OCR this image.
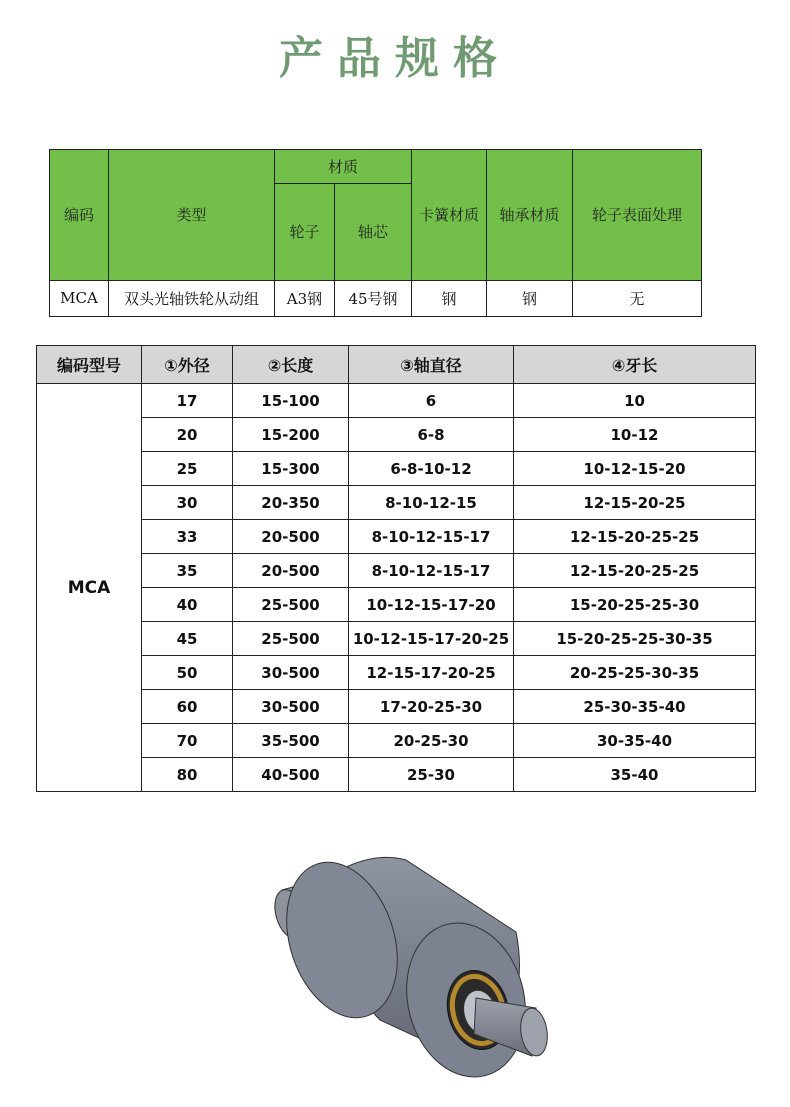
产品规格
编码	类型	材质		卡簧材质	轴承材质	轮子表面处理
		轮子	轴芯			
MCA	双头光轴铁轮从动组	A3钢	45号钢	钢	钢	无
编码型号	①外径	②长度	③轴直径	④牙长
MCA	17	15-100	6	10
	20	15-200	6-8	10-12
	25	15-300	6-8-10-12	10-12-15-20
	30	20-350	8-10-12-15	12-15-20-25
	33	20-500	8-10-12-15-17	12-15-20-25-25
	35	20-500	8-10-12-15-17	12-15-20-25-25
	40	25-500	10-12-15-17-20	15-20-25-25-30
	45	25-500	10-12-15-17-20-25	15-20-25-25-30-35
	50	30-500	12-15-17-20-25	20-25-25-30-35
	60	30-500	17-20-25-30	25-30-35-40
	70	35-500	20-25-30	30-35-40
	80	40-500	25-30	35-40
